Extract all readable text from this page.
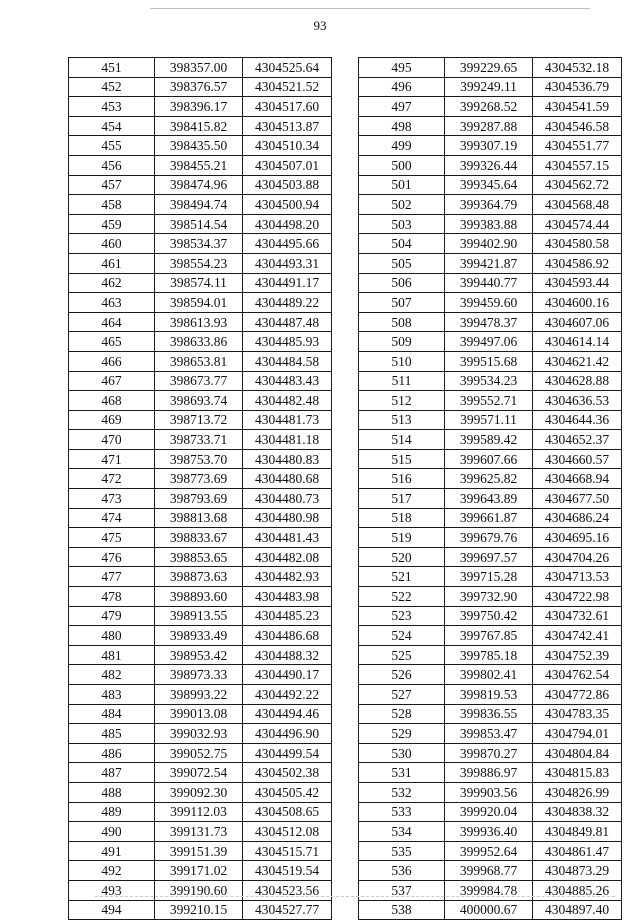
93
451	398357.00	4304525.64
452	398376.57	4304521.52
453	398396.17	4304517.60
454	398415.82	4304513.87
455	398435.50	4304510.34
456	398455.21	4304507.01
457	398474.96	4304503.88
458	398494.74	4304500.94
459	398514.54	4304498.20
460	398534.37	4304495.66
461	398554.23	4304493.31
462	398574.11	4304491.17
463	398594.01	4304489.22
464	398613.93	4304487.48
465	398633.86	4304485.93
466	398653.81	4304484.58
467	398673.77	4304483.43
468	398693.74	4304482.48
469	398713.72	4304481.73
470	398733.71	4304481.18
471	398753.70	4304480.83
472	398773.69	4304480.68
473	398793.69	4304480.73
474	398813.68	4304480.98
475	398833.67	4304481.43
476	398853.65	4304482.08
477	398873.63	4304482.93
478	398893.60	4304483.98
479	398913.55	4304485.23
480	398933.49	4304486.68
481	398953.42	4304488.32
482	398973.33	4304490.17
483	398993.22	4304492.22
484	399013.08	4304494.46
485	399032.93	4304496.90
486	399052.75	4304499.54
487	399072.54	4304502.38
488	399092.30	4304505.42
489	399112.03	4304508.65
490	399131.73	4304512.08
491	399151.39	4304515.71
492	399171.02	4304519.54
493	399190.60	4304523.56
494	399210.15	4304527.77
495	399229.65	4304532.18
496	399249.11	4304536.79
497	399268.52	4304541.59
498	399287.88	4304546.58
499	399307.19	4304551.77
500	399326.44	4304557.15
501	399345.64	4304562.72
502	399364.79	4304568.48
503	399383.88	4304574.44
504	399402.90	4304580.58
505	399421.87	4304586.92
506	399440.77	4304593.44
507	399459.60	4304600.16
508	399478.37	4304607.06
509	399497.06	4304614.14
510	399515.68	4304621.42
511	399534.23	4304628.88
512	399552.71	4304636.53
513	399571.11	4304644.36
514	399589.42	4304652.37
515	399607.66	4304660.57
516	399625.82	4304668.94
517	399643.89	4304677.50
518	399661.87	4304686.24
519	399679.76	4304695.16
520	399697.57	4304704.26
521	399715.28	4304713.53
522	399732.90	4304722.98
523	399750.42	4304732.61
524	399767.85	4304742.41
525	399785.18	4304752.39
526	399802.41	4304762.54
527	399819.53	4304772.86
528	399836.55	4304783.35
529	399853.47	4304794.01
530	399870.27	4304804.84
531	399886.97	4304815.83
532	399903.56	4304826.99
533	399920.04	4304838.32
534	399936.40	4304849.81
535	399952.64	4304861.47
536	399968.77	4304873.29
537	399984.78	4304885.26
538	400000.67	4304897.40
